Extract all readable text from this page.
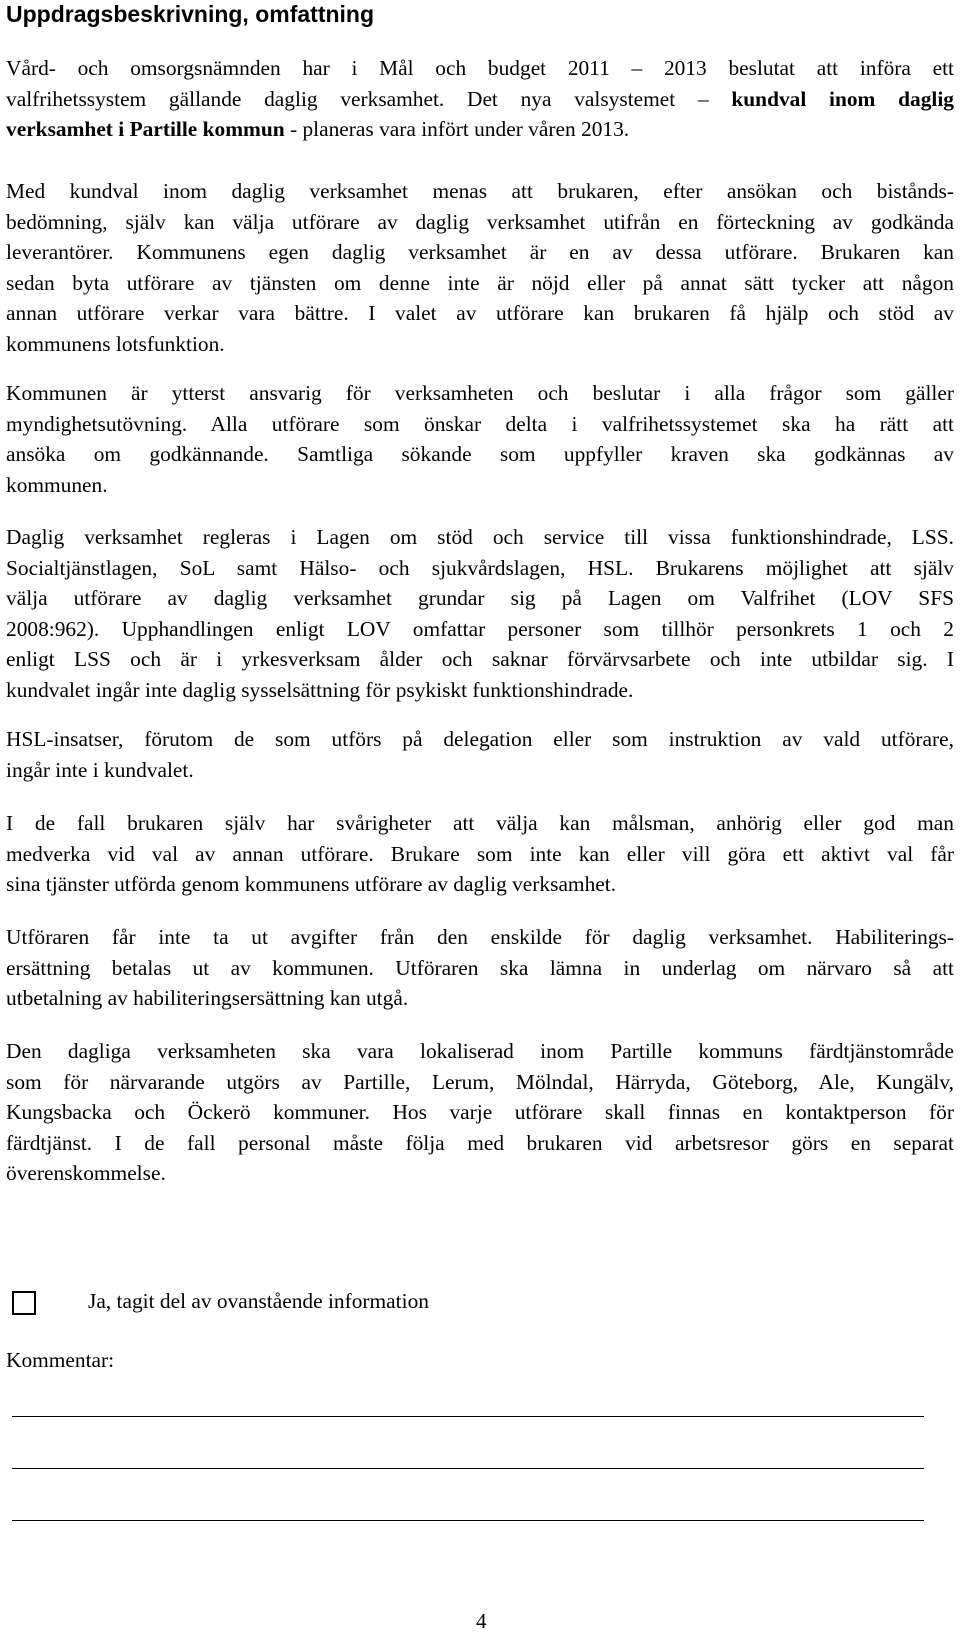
Uppdragsbeskrivning, omfattning

Vård- och omsorgsnämnden har i Mål och budget 2011 – 2013 beslutat att införa ett
valfrihetssystem gällande daglig verksamhet. Det nya valsystemet – kundval inom daglig
verksamhet i Partille kommun - planeras vara infört under våren 2013.

Med kundval inom daglig verksamhet menas att brukaren, efter ansökan och bistånds-
bedömning, själv kan välja utförare av daglig verksamhet utifrån en förteckning av godkända
leverantörer. Kommunens egen daglig verksamhet är en av dessa utförare. Brukaren kan
sedan byta utförare av tjänsten om denne inte är nöjd eller på annat sätt tycker att någon
annan utförare verkar vara bättre. I valet av utförare kan brukaren få hjälp och stöd av
kommunens lotsfunktion.

Kommunen är ytterst ansvarig för verksamheten och beslutar i alla frågor som gäller
myndighetsutövning. Alla utförare som önskar delta i valfrihetssystemet ska ha rätt att
ansöka om godkännande. Samtliga sökande som uppfyller kraven ska godkännas av
kommunen.

Daglig verksamhet regleras i Lagen om stöd och service till vissa funktionshindrade, LSS.
Socialtjänstlagen, SoL samt Hälso- och sjukvårdslagen, HSL. Brukarens möjlighet att själv
välja utförare av daglig verksamhet grundar sig på Lagen om Valfrihet (LOV SFS
2008:962). Upphandlingen enligt LOV omfattar personer som tillhör personkrets 1 och 2
enligt LSS och är i yrkesverksam ålder och saknar förvärvsarbete och inte utbildar sig. I
kundvalet ingår inte daglig sysselsättning för psykiskt funktionshindrade.

HSL-insatser, förutom de som utförs på delegation eller som instruktion av vald utförare,
ingår inte i kundvalet.

I de fall brukaren själv har svårigheter att välja kan målsman, anhörig eller god man
medverka vid val av annan utförare. Brukare som inte kan eller vill göra ett aktivt val får
sina tjänster utförda genom kommunens utförare av daglig verksamhet.

Utföraren får inte ta ut avgifter från den enskilde för daglig verksamhet. Habiliterings-
ersättning betalas ut av kommunen. Utföraren ska lämna in underlag om närvaro så att
utbetalning av habiliteringsersättning kan utgå.

Den dagliga verksamheten ska vara lokaliserad inom Partille kommuns färdtjänstområde
som för närvarande utgörs av Partille, Lerum, Mölndal, Härryda, Göteborg, Ale, Kungälv,
Kungsbacka och Öckerö kommuner. Hos varje utförare skall finnas en kontaktperson för
färdtjänst. I de fall personal måste följa med brukaren vid arbetsresor görs en separat
överenskommelse.

Ja, tagit del av ovanstående information
Kommentar:
4
